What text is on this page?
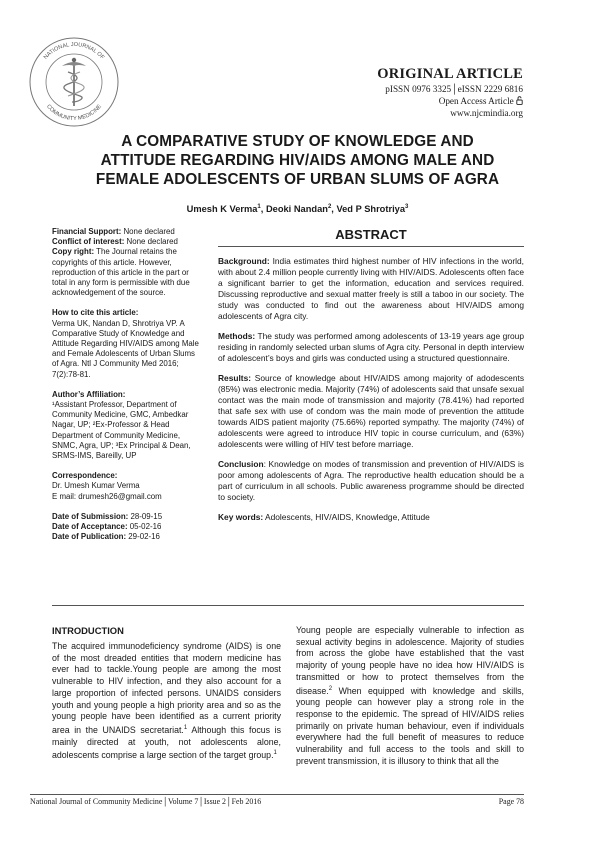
NATIONAL JOURNAL OF
COMMUNITY MEDICINE
ORIGINAL ARTICLE
pISSN 0976 3325│eISSN 2229 6816
Open Access Article
www.njcmindia.org
A COMPARATIVE STUDY OF KNOWLEDGE AND
ATTITUDE REGARDING HIV/AIDS AMONG MALE AND
FEMALE ADOLESCENTS OF URBAN SLUMS OF AGRA
Umesh K Verma$^1$, Deoki Nandan$^2$, Ved P Shrotriya$^3$

Financial Support: None declared

Conflict of interest: None declared

Copy right: The Journal retains the copyrights of this article. However, reproduction of this article in the part or total in any form is permissible with due acknowledgement of the source.

How to cite this article:

Verma UK, Nandan D, Shrotriya VP. A Comparative Study of Knowledge and Attitude Regarding HIV/AIDS among Male and Female Adolescents of Urban Slums of Agra. Ntl J Community Med 2016; 7(2):78-81.

Author’s Affiliation:

¹Assistant Professor, Department of Community Medicine, GMC, Ambedkar Nagar, UP; ²Ex-Professor & Head Department of Community Medicine, SNMC, Agra, UP; ³Ex Principal & Dean, SRMS-IMS, Bareilly, UP

Correspondence:

Dr. Umesh Kumar Verma

E mail: drumesh26@gmail.com

Date of Submission: 28-09-15

Date of Acceptance: 05-02-16

Date of Publication: 29-02-16

ABSTRACT

Background: India estimates third highest number of HIV infections in the world, with about 2.4 million people currently living with HIV/AIDS. Adolescents often face a significant barrier to get the information, education and services required. Discussing reproductive and sexual matter freely is still a taboo in our society. The study was conducted to find out the awareness about HIV/AIDS among adolescents of Agra city.

Methods: The study was performed among adolescents of 13-19 years age group residing in randomly selected urban slums of Agra city. Personal in depth interview of adolescent’s boys and girls was conducted using a structured questionnaire.

Results: Source of knowledge about HIV/AIDS among majority of adodescents (85%) was electronic media. Majority (74%) of adolescents said that unsafe sexual contact was the main mode of transmission and majority (78.41%) had reported that safe sex with use of condom was the main mode of prevention the attitude towards AIDS patient majority (75.66%) reported sympathy. The majority (74%) of adolescents were agreed to introduce HIV topic in course curriculum, and (63%) adolescents were willing of HIV test before marriage.

Conclusion: Knowledge on modes of transmission and prevention of HIV/AIDS is poor among adolescents of Agra. The reproductive health education should be a part of curriculum in all schools. Public awareness programme should be directed to society.

Key words: Adolescents, HIV/AIDS, Knowledge, Attitude

INTRODUCTION
The acquired immunodeficiency syndrome (AIDS) is one of the most dreaded entities that modern medicine has ever had to tackle.Young people are among the most vulnerable to HIV infection, and they also account for a large proportion of infected persons. UNAIDS considers youth and young people a high priority area and so as the young people have been identified as a current priority area in the UNAIDS secretariat.$^1$ Although this focus is mainly directed at youth, not adolescents alone, adolescents comprise a large section of the target group.$^1$
Young people are especially vulnerable to infection as sexual activity begins in adolescence. Majority of studies from across the globe have established that the vast majority of young people have no idea how HIV/AIDS is transmitted or how to protect themselves from the disease.$^2$ When equipped with knowledge and skills, young people can however play a strong role in the response to the epidemic. The spread of HIV/AIDS relies primarily on private human behaviour, even if individuals everywhere had the full benefit of measures to reduce vulnerability and full access to the tools and skill to prevent transmission, it is illusory to think that all the
National Journal of Community Medicine│Volume 7│Issue 2│Feb 2016	Page 78
